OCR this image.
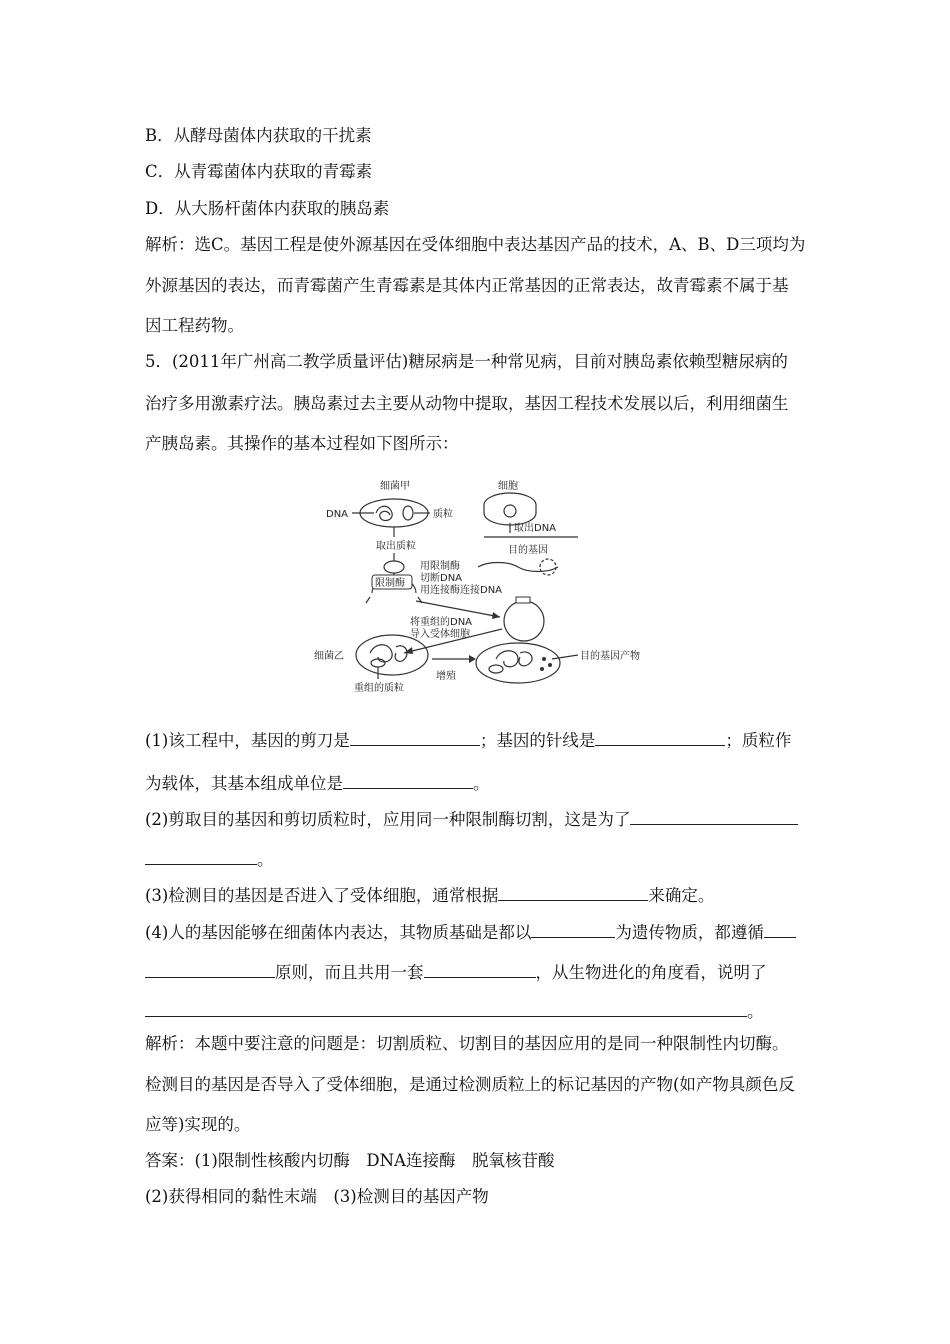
B．从酵母菌体内获取的干扰素
C．从青霉菌体内获取的青霉素
D．从大肠杆菌体内获取的胰岛素
解析：选C。基因工程是使外源基因在受体细胞中表达基因产品的技术，A、B、D三项均为
外源基因的表达，而青霉菌产生青霉素是其体内正常基因的正常表达，故青霉素不属于基
因工程药物。
5．(2011年广州高二教学质量评估)糖尿病是一种常见病，目前对胰岛素依赖型糖尿病的
治疗多用激素疗法。胰岛素过去主要从动物中提取，基因工程技术发展以后，利用细菌生
产胰岛素。其操作的基本过程如下图所示：
细菌甲
DNA	质粒
取出质粒
限制酶
细胞
取出DNA
目的基因
用限制酶
切断DNA
用连接酶连接DNA
将重组的DNA
导入受体细胞
细菌乙
重组的质粒
增殖
目的基因产物
(1)该工程中，基因的剪刀是	；基因的针线是	；质粒作
为载体，其基本组成单位是	。
(2)剪取目的基因和剪切质粒时，应用同一种限制酶切割，这是为了
。
(3)检测目的基因是否进入了受体细胞，通常根据	来确定。
(4)人的基因能够在细菌体内表达，其物质基础是都以	为遗传物质，都遵循
原则，而且共用一套	，从生物进化的角度看，说明了
。
解析：本题中要注意的问题是：切割质粒、切割目的基因应用的是同一种限制性内切酶。
检测目的基因是否导入了受体细胞，是通过检测质粒上的标记基因的产物(如产物具颜色反
应等)实现的。
答案：(1)限制性核酸内切酶　DNA连接酶　脱氧核苷酸
(2)获得相同的黏性末端　(3)检测目的基因产物
